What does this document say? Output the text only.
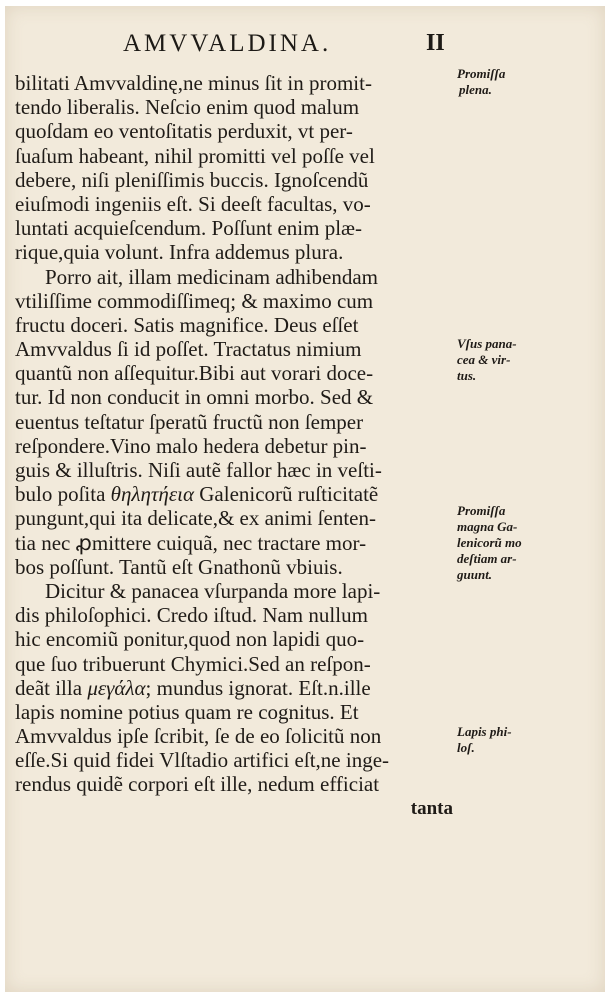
AMVVALDINA.	II
bilitati Amvvaldinę,ne minus ſit in promit-
tendo liberalis. Neſcio enim quod malum
quoſdam eo ventoſitatis perduxit, vt per-
ſuaſum habeant, nihil promitti vel poſſe vel
debere, niſi pleniſſimis buccis. Ignoſcendũ
eiuſmodi ingeniis eſt. Si deeſt facultas, vo-
luntati acquieſcendum. Poſſunt enim plæ-
rique,quia volunt. Infra addemus plura.
Porro ait, illam medicinam adhibendam
vtiliſſime commodiſſimeq; & maximo cum
fructu doceri. Satis magnifice. Deus eſſet
Amvvaldus ſi id poſſet. Tractatus nimium
quantũ non aſſequitur.Bibi aut vorari doce-
tur. Id non conducit in omni morbo. Sed &
euentus teſtatur ſperatũ fructũ non ſemper
reſpondere.Vino malo hedera debetur pin-
guis & illuſtris. Niſi autẽ fallor hæc in veſti-
bulo poſita θηλητήεια Galenicorũ ruſticitatẽ
pungunt,qui ita delicate,& ex animi ſenten-
tia nec ꝓmittere cuiquã, nec tractare mor-
bos poſſunt. Tantũ eſt Gnathonũ vbiuis.
Dicitur & panacea vſurpanda more lapi-
dis philoſophici. Credo iſtud. Nam nullum
hic encomiũ ponitur,quod non lapidi quo-
que ſuo tribuerunt Chymici.Sed an reſpon-
deãt illa μεγάλα; mundus ignorat. Eſt.n.ille
lapis nomine potius quam re cognitus. Et
Amvvaldus ipſe ſcribit, ſe de eo ſolicitũ non
eſſe.Si quid fidei Vlſtadio artifici eſt,ne inge-
rendus quidẽ corpori eſt ille, nedum efficiat
tanta
Promiſſa
plena.
Vſus pana-
cea & vir-
tus.
Promiſſa
magna Ga-
lenicorũ mo
deſtiam ar-
guunt.
Lapis phi-
loſ.
